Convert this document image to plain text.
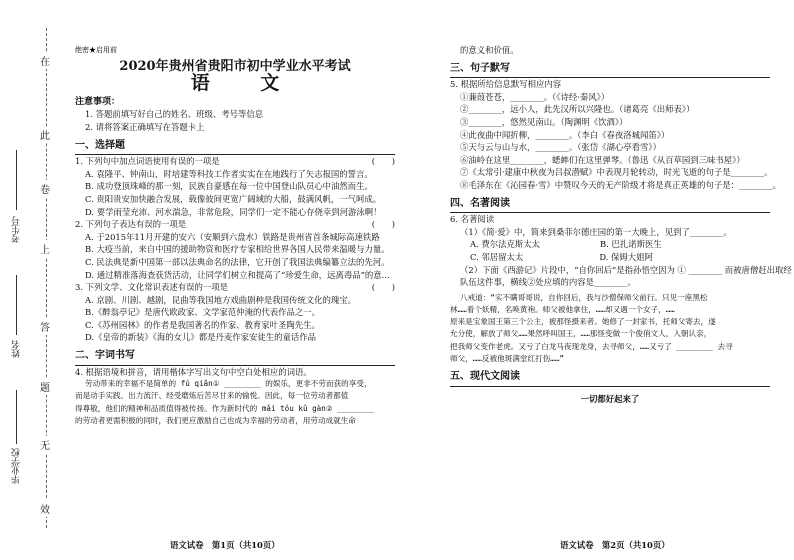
在
此
卷
上
答
题
无
效
考生号
姓名
毕业学校
绝密★启用前
2020年贵州省贵阳市初中学业水平考试
语 文
注意事项：
1. 答题前填写好自己的姓名、班级、考号等信息
2. 请将答案正确填写在答题卡上
一、选择题
1. 下列句中加点词语使用有误的一项是	(　　)
A. 袁隆平、钟南山，时培建等科技工作者实实在在地践行了矢志报国的誓言。
B. 成功登顶珠峰的那一刻，民族自豪感在每一位中国登山队员心中油然而生。
C. 贵阳贵安加快融合发展，载像彼间更宽广阔域的大船，鼓满风帆，一气呵成。
D. 要学雨莹充沛、河水湍急，非常危险，同学们一定不能心存侥幸到河游泳啊！
2. 下列句子表达有误的一项是	(　　)
A. 于2015年11月开建的安六（安顺到六盘水）铁路是贵州省首条城际高速铁路
B. 大疫当前，来自中国的援助物资和医疗专家相给世界各国人民带来温暖与力量。
C. 民法典是新中国第一部以法典命名的法律，它开创了我国法典编纂立法的先河。
D. 通过精准落海查获货活动，让同学们树立和提高了“珍爱生命，远离毒品”的意...
3. 下列文学、文化常识表述有误的一项是	(　　)
A. 京剧、川剧、越剧，昆曲等我国地方戏曲剧种是我国传统文化的瑰宝。
B.《醉翁亭记》是唐代欧政家、文学家范仲淹的代表作品之一。
C.《苏州园林》的作者是我国著名的作家、教育家叶圣陶先生。
D.《皇帝的新装》《海的女儿》都是丹麦作家安徒生的童话作品
二、字词书写
4. 根据语境和拼音，请用楷体字写出文句中空白处相应的词语。
劳动带来的幸福不是简单的 fú qiǎn① ________ 的娱乐，更非不劳而获的享受，
而是动手实践、出力流汗、经受磨炼后苦尽甘来的愉悦。因此，每一位劳动者都值
得尊敬，他们的精神和品质值得被传扬。作为新时代的 mǎi tóu kǔ gàn② ________
的劳动者更需积极的同时，我们更应激励自己也成为幸福的劳动者，用劳动成就生命
语文试卷　第1页（共10页）
的意义和价值。
三、句子默写
5. 根据所给信息默写相应内容
①蒹葭苍苍，________。（《诗经·秦风》）
②________，远小人，此先汉所以兴隆也。（诸葛亮《出师表》）
③________，悠然见南山。（陶渊明《饮酒》）
④此夜曲中闻折柳，________。（李白《春夜洛城闻笛》）
⑤天与云与山与水，________。（张岱《湖心亭看雪》）
⑥油岭在这里________，蟋蟀们在这里弹琴。（鲁迅《从百草园到三味书屋》）
⑦《太常引·建康中秋夜为吕叔潜赋》中表现月轮转动，时光飞逝的句子是________。
⑧毛泽东在《沁园春·雪》中赞叹今天的无产阶级才将是真正英雄的句子是：________。
四、名著阅读
6. 名著阅读
（1）《简·爱》中，简来到桑菲尔德庄园的第一大晚上，见到了________。
A. 费尔法克斯太太	B. 巴扎诺斯医生
C. 邻居留太太	D. 保姆大姐阿
（2）下面《西游记》片段中，“自你回后”是指孙悟空因为 ① ________ 而被唐僧赶出取经
队伍这件事，横线②处应填的内容是________。
八戒道：“实不瞒哥哥说，自你回后，我与沙僧保师父前行。只见一座黑松
林……看个妖精，名唤黄袍。师父被他拿住，……却又遇一个女子，……
原来是宝象国王第三个公主，被那怪摄来者。她修了一封家书，托师父寄去，遂
允分使，解放了师父……果然呼叫国王，……那怪变做一个俊俏文人，入朝认亲，
把我师父变作老虎。又亏了白龙马夜现龙身，去寻师父，……又亏了 ________ 去寻
师父，……反被他斑满堂红打伤……”
五、现代文阅读
一切都好起来了
语文试卷　第2页（共10页）
